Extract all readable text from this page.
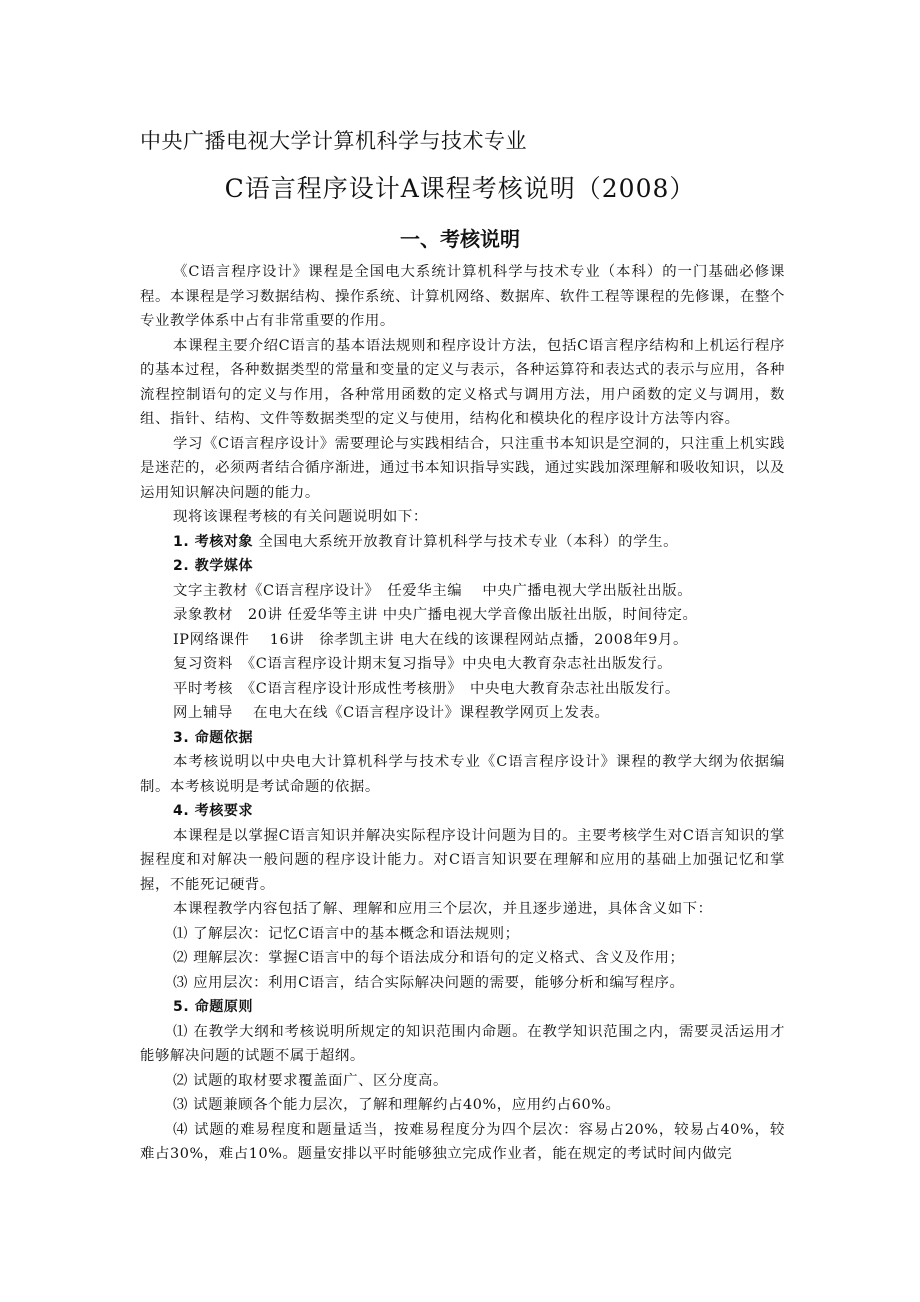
中央广播电视大学计算机科学与技术专业
C语言程序设计A课程考核说明（2008）
一、考核说明

《C语言程序设计》课程是全国电大系统计算机科学与技术专业（本科）的一门基础必修课程。本课程是学习数据结构、操作系统、计算机网络、数据库、软件工程等课程的先修课，在整个专业教学体系中占有非常重要的作用。

本课程主要介绍C语言的基本语法规则和程序设计方法，包括C语言程序结构和上机运行程序的基本过程，各种数据类型的常量和变量的定义与表示，各种运算符和表达式的表示与应用，各种流程控制语句的定义与作用，各种常用函数的定义格式与调用方法，用户函数的定义与调用，数组、指针、结构、文件等数据类型的定义与使用，结构化和模块化的程序设计方法等内容。

学习《C语言程序设计》需要理论与实践相结合，只注重书本知识是空洞的，只注重上机实践是迷茫的，必须两者结合循序渐进，通过书本知识指导实践，通过实践加深理解和吸收知识，以及运用知识解决问题的能力。

现将该课程考核的有关问题说明如下：

1. 考核对象 全国电大系统开放教育计算机科学与技术专业（本科）的学生。

2. 教学媒体

文字主教材《C语言程序设计》　任爱华主编　 中央广播电视大学出版社出版。

录象教材　20讲 任爱华等主讲 中央广播电视大学音像出版社出版，时间待定。

IP网络课件　 16讲　徐孝凯主讲 电大在线的该课程网站点播，2008年9月。

复习资料　《C语言程序设计期末复习指导》中央电大教育杂志社出版发行。

平时考核　《C语言程序设计形成性考核册》　中央电大教育杂志社出版发行。

网上辅导　 在电大在线《C语言程序设计》课程教学网页上发表。

3. 命题依据

本考核说明以中央电大计算机科学与技术专业《C语言程序设计》课程的教学大纲为依据编制。本考核说明是考试命题的依据。

4. 考核要求

本课程是以掌握C语言知识并解决实际程序设计问题为目的。主要考核学生对C语言知识的掌握程度和对解决一般问题的程序设计能力。对C语言知识要在理解和应用的基础上加强记忆和掌握，不能死记硬背。

本课程教学内容包括了解、理解和应用三个层次，并且逐步递进，具体含义如下：

⑴ 了解层次：记忆C语言中的基本概念和语法规则；

⑵ 理解层次：掌握C语言中的每个语法成分和语句的定义格式、含义及作用；

⑶ 应用层次：利用C语言，结合实际解决问题的需要，能够分析和编写程序。

5. 命题原则

⑴ 在教学大纲和考核说明所规定的知识范围内命题。在教学知识范围之内，需要灵活运用才能够解决问题的试题不属于超纲。

⑵ 试题的取材要求覆盖面广、区分度高。

⑶ 试题兼顾各个能力层次，了解和理解约占40%，应用约占60%。

⑷ 试题的难易程度和题量适当，按难易程度分为四个层次：容易占20%，较易占40%，较难占30%，难占10%。题量安排以平时能够独立完成作业者，能在规定的考试时间内做完
